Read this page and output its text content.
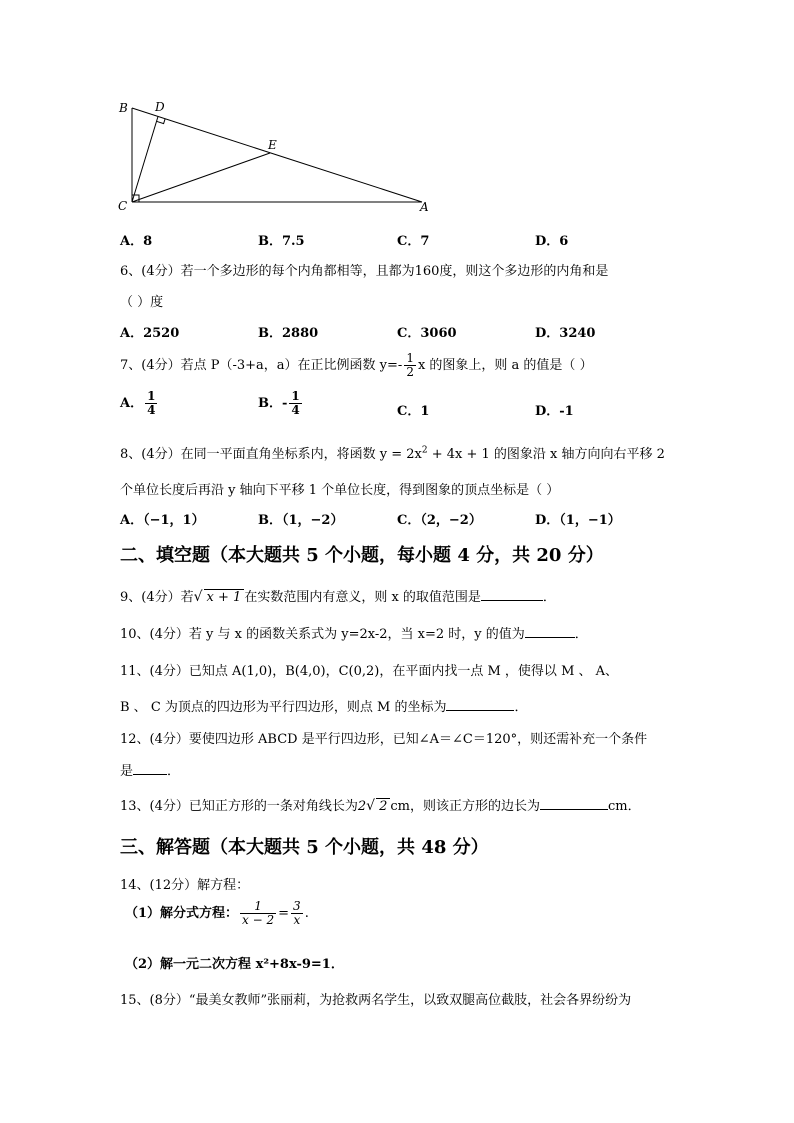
B D
E
C	A
A．8	B．7.5	C．7	D．6
6、(4分）若一个多边形的每个内角都相等，且都为160度，则这个多边形的内角和是
（ ）度
A．2520	B．2880	C．3060	D．3240
7、(4分）若点 P（-3+a，a）在正比例函数 $y=- \frac{1}{2}$ x 的图象上，则 a 的值是（ ）
A． $\frac{1}{4}$	B．- $\frac{1}{4}$	C．1	D．-1
8、(4分）在同一平面直角坐标系内，将函数 $y = 2x^2 + 4x + 1$ 的图象沿 x 轴方向向右平移 2
个单位长度后再沿 y 轴向下平移 1 个单位长度，得到图象的顶点坐标是（ ）
A．（−1，1）	B．（1，−2）	C．（2，−2）	D．（1，−1）
二、填空题（本大题共 5 个小题，每小题 4 分，共 20 分）
9、(4分）若√ x + 1 在实数范围内有意义，则 x 的取值范围是	．
10、(4分）若 y 与 x 的函数关系式为 y=2x-2，当 x=2 时，y 的值为	．
11、(4分）已知点 A(1,0)，B(4,0)，C(0,2)，在平面内找一点 M ，使得以 M 、 A、
B 、 C 为顶点的四边形为平行四边形，则点 M 的坐标为	．
12、(4分）要使四边形 ABCD 是平行四边形，已知∠A＝∠C＝120°，则还需补充一个条件
是	．
13、(4分）已知正方形的一条对角线长为2√ 2 cm，则该正方形的边长为	cm．
三、解答题（本大题共 5 个小题，共 48 分）
14、(12分）解方程：
（1）解分式方程： $\frac{1}{x - 2} = \frac{3}{x}$ .
（2）解一元二次方程 x²+8x-9=1．
15、(8分）“最美女教师”张丽莉，为抢救两名学生，以致双腿高位截肢，社会各界纷纷为
